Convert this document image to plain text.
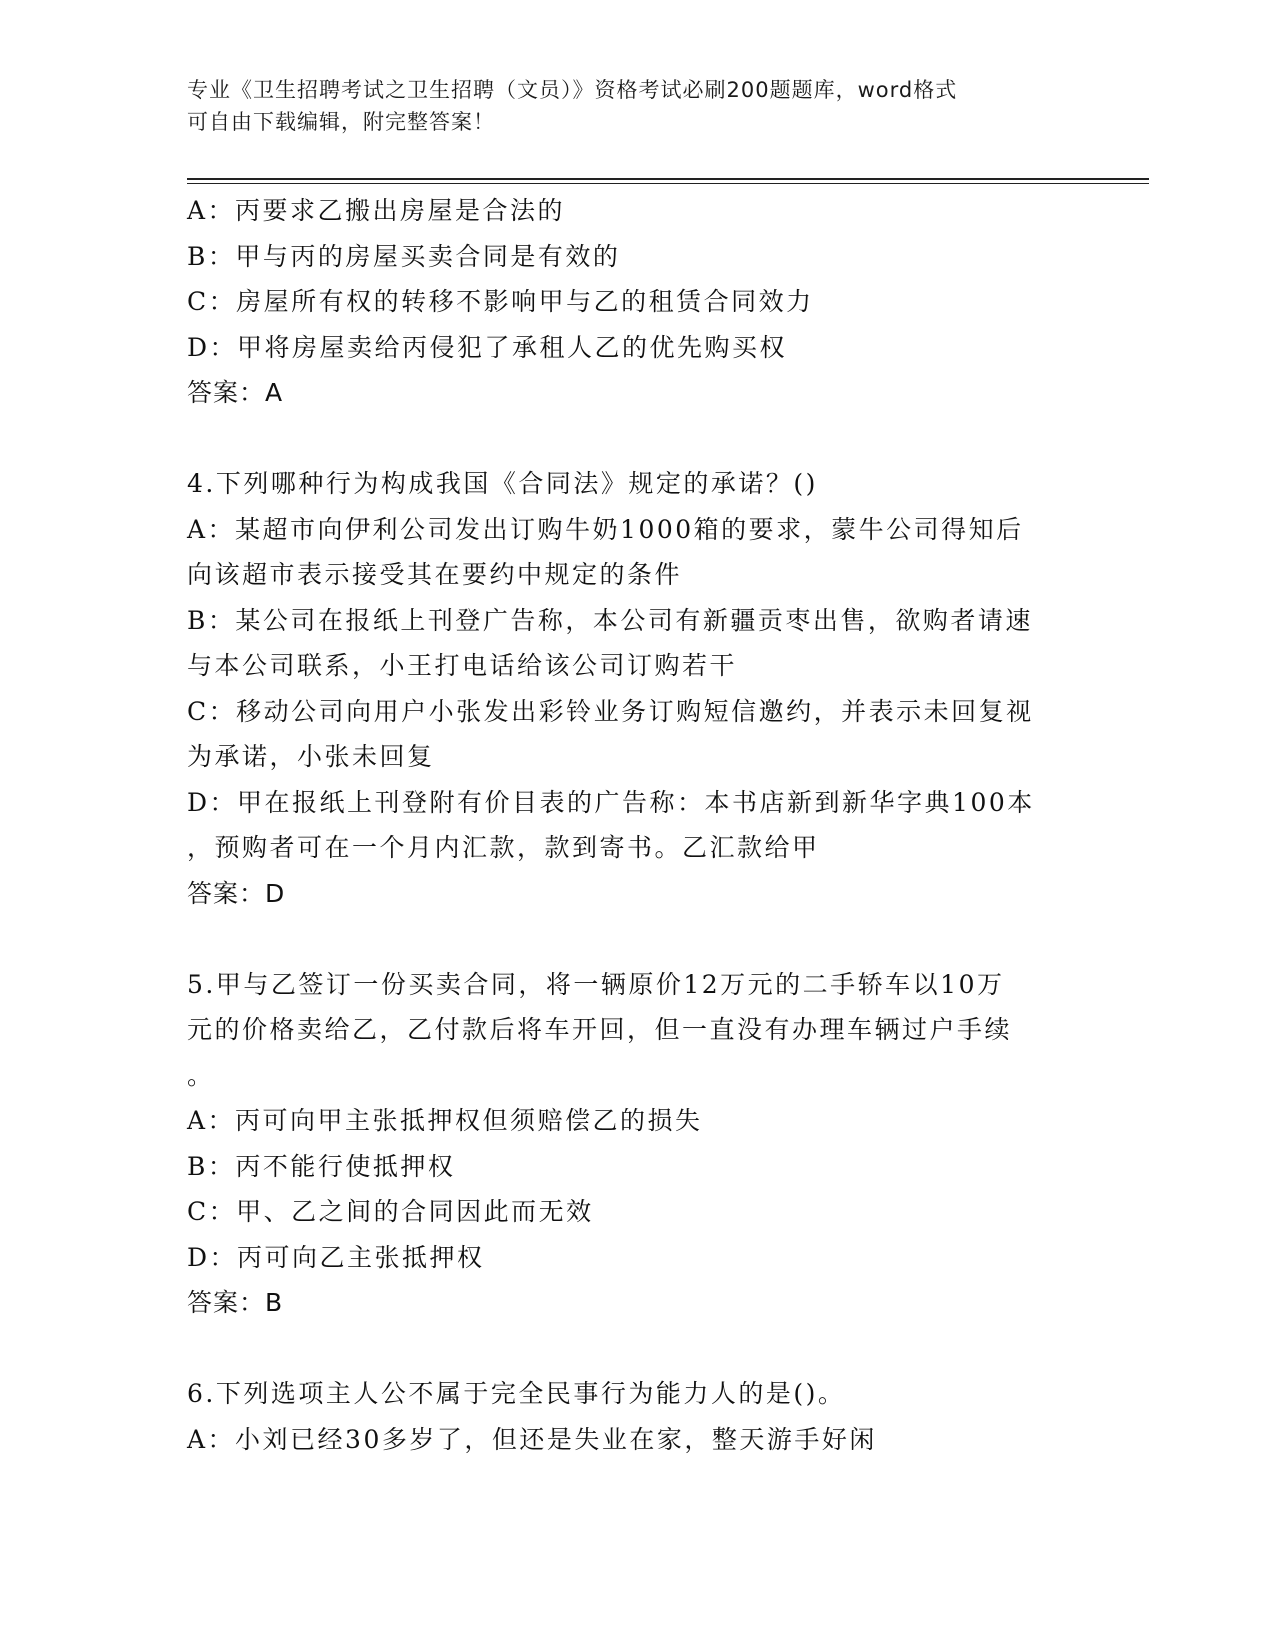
专业《卫生招聘考试之卫生招聘（文员）》资格考试必刷200题题库，word格式
可自由下载编辑，附完整答案！
A：丙要求乙搬出房屋是合法的
B：甲与丙的房屋买卖合同是有效的
C：房屋所有权的转移不影响甲与乙的租赁合同效力
D：甲将房屋卖给丙侵犯了承租人乙的优先购买权
答案：A
4.下列哪种行为构成我国《合同法》规定的承诺？()
A：某超市向伊利公司发出订购牛奶1000箱的要求，蒙牛公司得知后
向该超市表示接受其在要约中规定的条件
B：某公司在报纸上刊登广告称，本公司有新疆贡枣出售，欲购者请速
与本公司联系，小王打电话给该公司订购若干
C：移动公司向用户小张发出彩铃业务订购短信邀约，并表示未回复视
为承诺，小张未回复
D：甲在报纸上刊登附有价目表的广告称：本书店新到新华字典100本
，预购者可在一个月内汇款，款到寄书。乙汇款给甲
答案：D
5.甲与乙签订一份买卖合同，将一辆原价12万元的二手轿车以10万
元的价格卖给乙，乙付款后将车开回，但一直没有办理车辆过户手续
。
A：丙可向甲主张抵押权但须赔偿乙的损失
B：丙不能行使抵押权
C：甲、乙之间的合同因此而无效
D：丙可向乙主张抵押权
答案：B
6.下列选项主人公不属于完全民事行为能力人的是()。
A：小刘已经30多岁了，但还是失业在家，整天游手好闲
